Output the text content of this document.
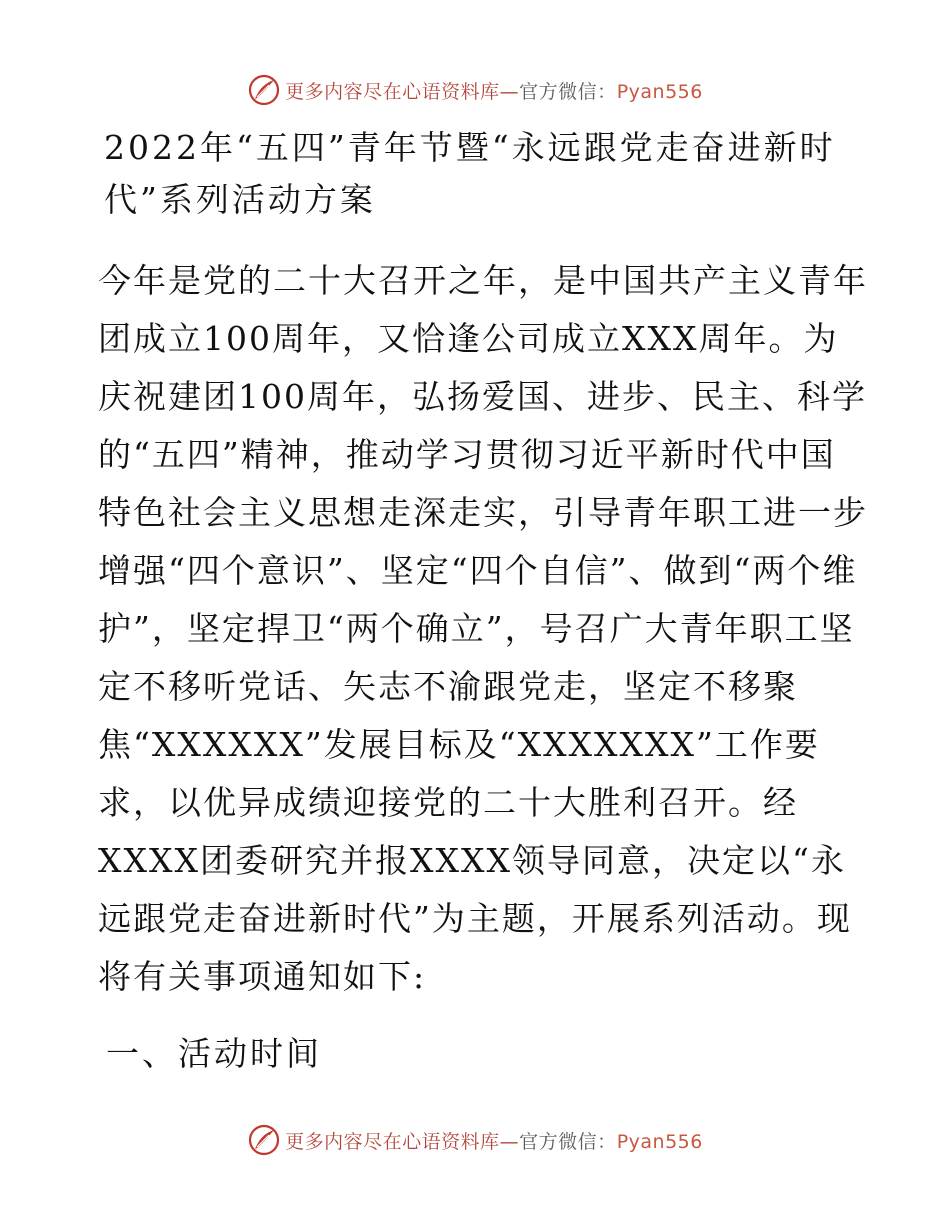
更多内容尽在心语资料库—官方微信：Pyan556
2022年“五四”青年节暨“永远跟党走奋进新时代”系列活动方案

今年是党的二十大召开之年，是中国共产主义青年团成立100周年，又恰逢公司成立XXX周年。为庆祝建团100周年，弘扬爱国、进步、民主、科学的“五四”精神，推动学习贯彻习近平新时代中国特色社会主义思想走深走实，引导青年职工进一步增强“四个意识”、坚定“四个自信”、做到“两个维护”，坚定捍卫“两个确立”，号召广大青年职工坚定不移听党话、矢志不渝跟党走，坚定不移聚焦“XXXXXX”发展目标及“XXXXXXX”工作要求，以优异成绩迎接党的二十大胜利召开。经XXXX团委研究并报XXXX领导同意，决定以“永远跟党走奋进新时代”为主题，开展系列活动。现将有关事项通知如下:

一、活动时间
更多内容尽在心语资料库—官方微信：Pyan556
